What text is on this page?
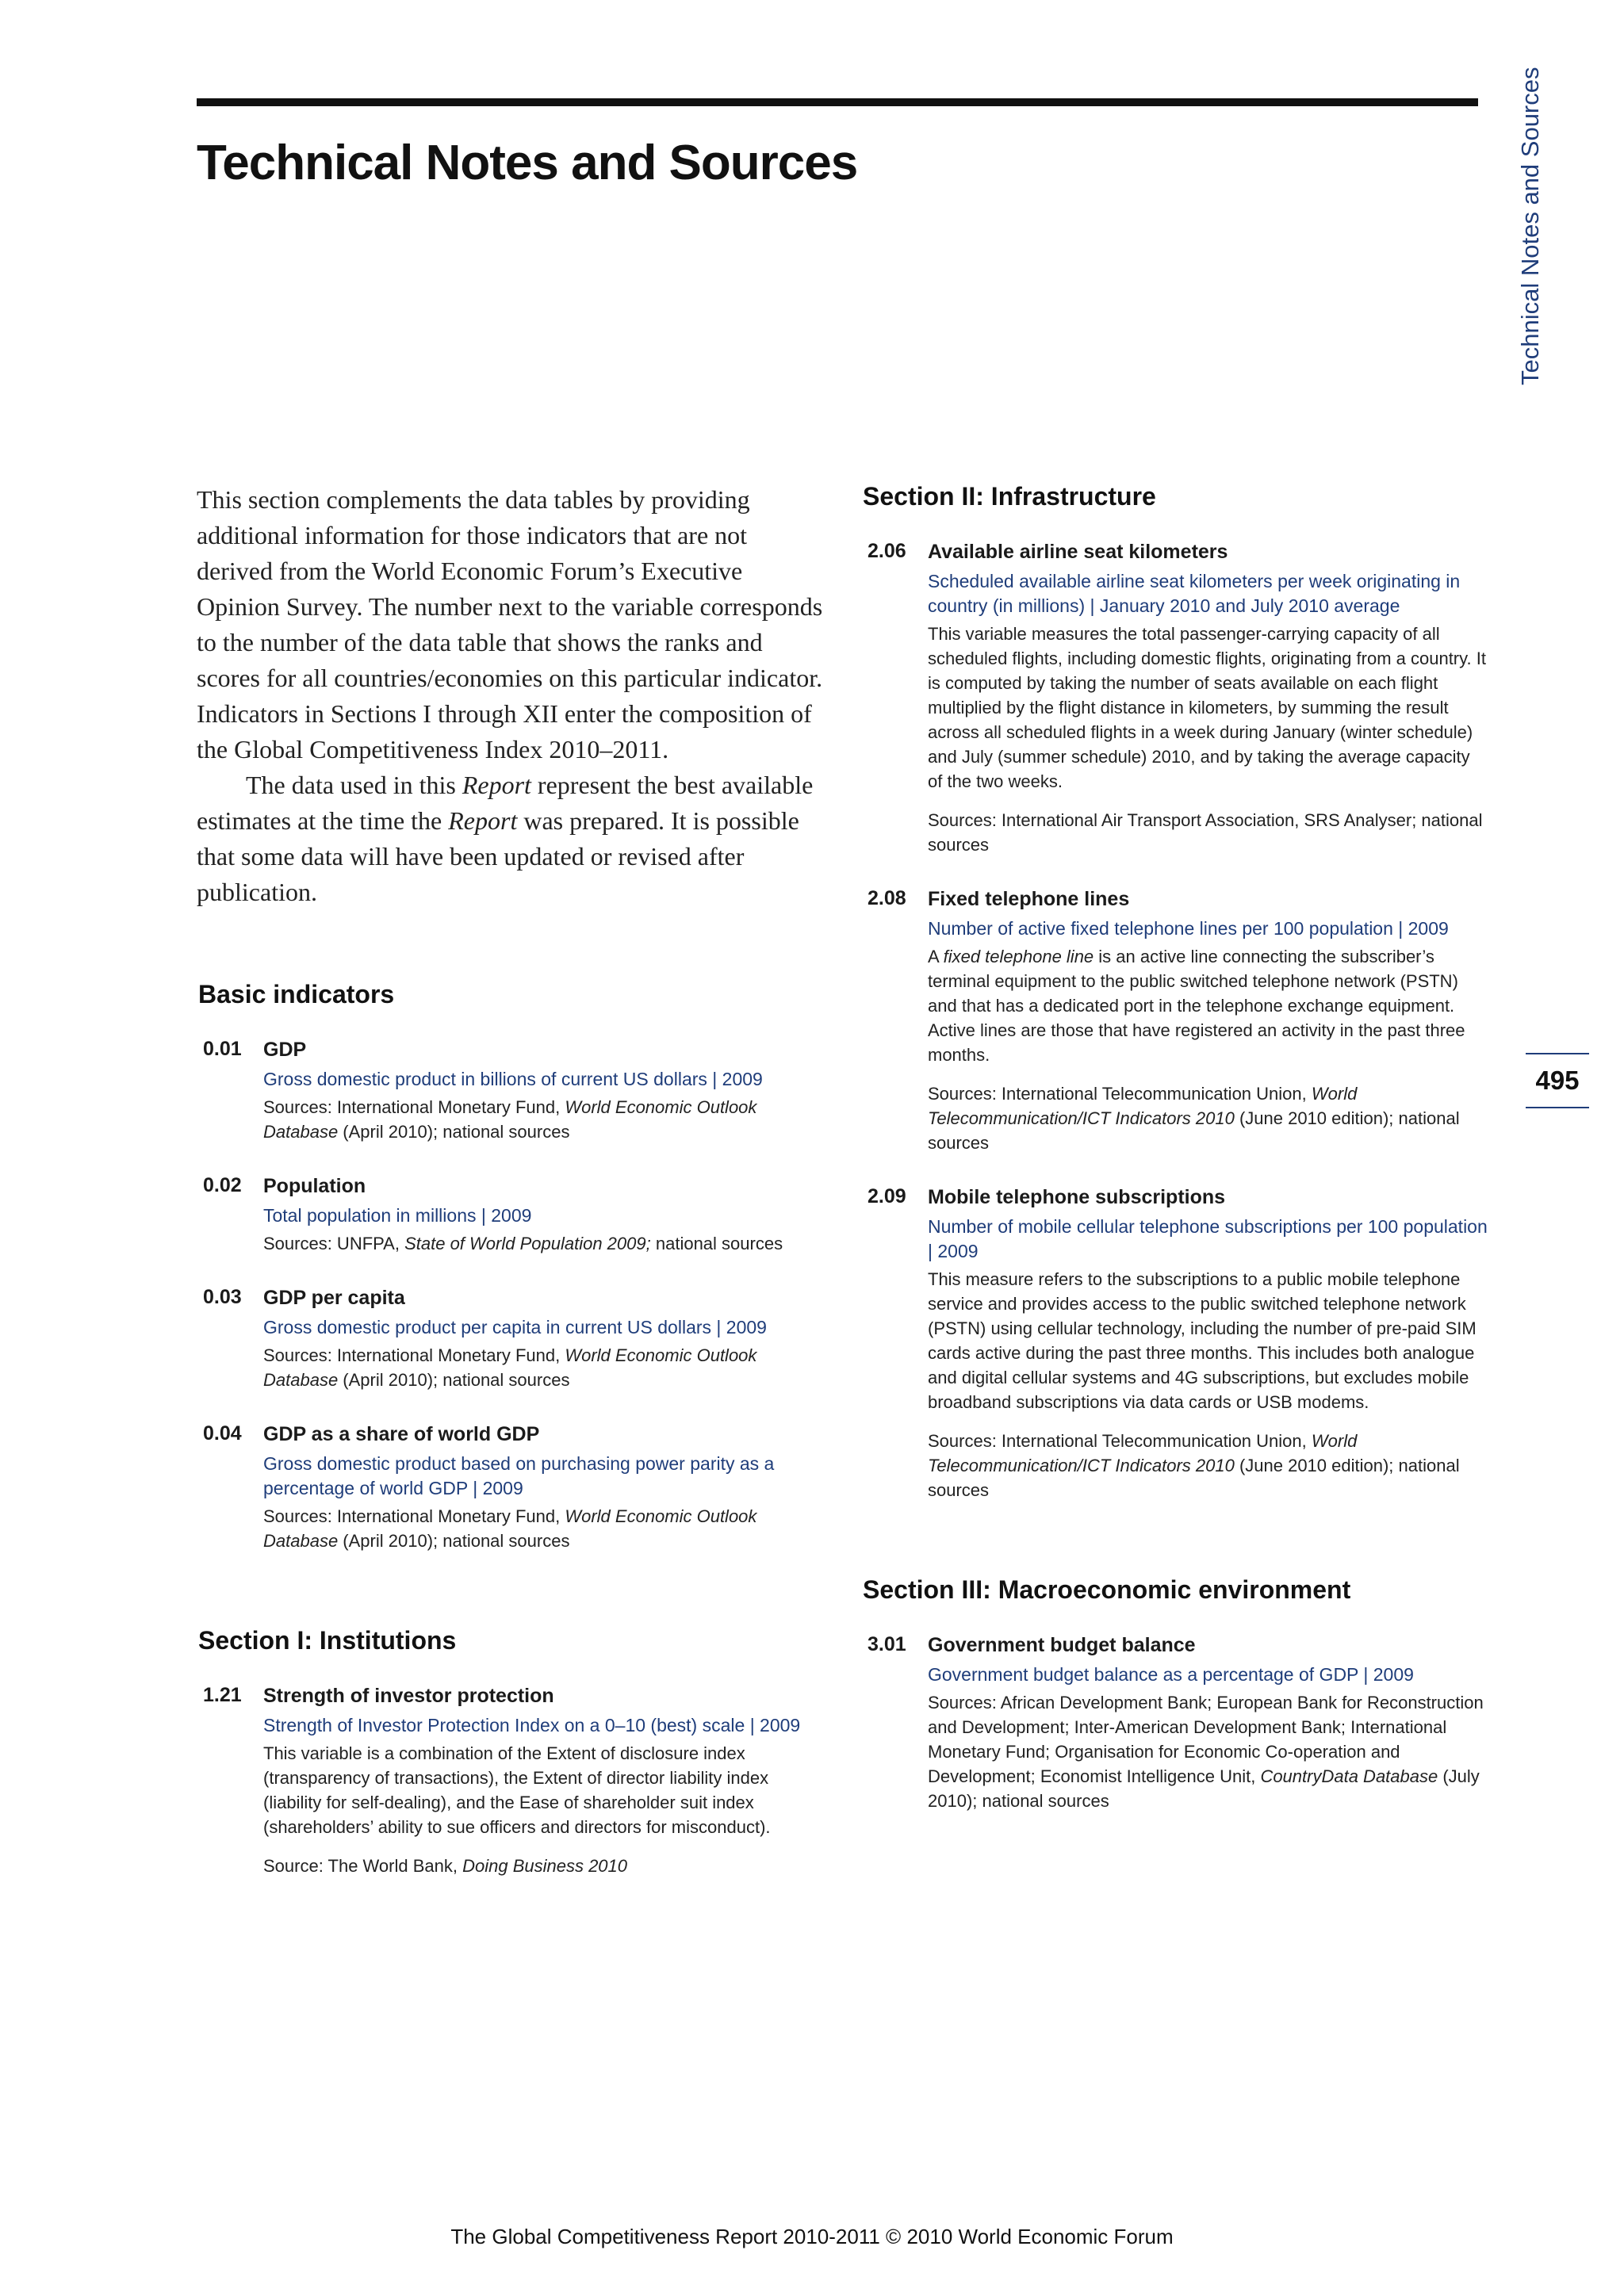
Technical Notes and Sources	Technical Notes and Sources
495

This section complements the data tables by providing additional information for those indicators that are not derived from the World Economic Forum’s Executive Opinion Survey. The number next to the variable corresponds to the number of the data table that shows the ranks and scores for all countries/economies on this particular indicator. Indicators in Sections I through XII enter the composition of the Global Competitiveness Index 2010–2011.

The data used in this Report represent the best available estimates at the time the Report was prepared. It is possible that some data will have been updated or revised after publication.

Basic indicators
0.01	GDP
Gross domestic product in billions of current US dollars | 2009
Sources: International Monetary Fund, World Economic Outlook Database (April 2010); national sources
0.02	Population
Total population in millions | 2009
Sources: UNFPA, State of World Population 2009; national sources
0.03	GDP per capita
Gross domestic product per capita in current US dollars | 2009
Sources: International Monetary Fund, World Economic Outlook Database (April 2010); national sources
0.04	GDP as a share of world GDP
Gross domestic product based on purchasing power parity as a percentage of world GDP | 2009
Sources: International Monetary Fund, World Economic Outlook Database (April 2010); national sources
Section I: Institutions
1.21	Strength of investor protection
Strength of Investor Protection Index on a 0–10 (best) scale | 2009
This variable is a combination of the Extent of disclosure index (transparency of transactions), the Extent of director liability index (liability for self-dealing), and the Ease of shareholder suit index (shareholders’ ability to sue officers and directors for misconduct).
Source: The World Bank, Doing Business 2010
Section II: Infrastructure
2.06	Available airline seat kilometers
Scheduled available airline seat kilometers per week originating in country (in millions) | January 2010 and July 2010 average
This variable measures the total passenger-carrying capacity of all scheduled flights, including domestic flights, originating from a country. It is computed by taking the number of seats available on each flight multiplied by the flight distance in kilometers, by summing the result across all scheduled flights in a week during January (winter schedule) and July (summer schedule) 2010, and by taking the average capacity of the two weeks.
Sources: International Air Transport Association, SRS Analyser; national sources
2.08	Fixed telephone lines
Number of active fixed telephone lines per 100 population | 2009
A fixed telephone line is an active line connecting the subscriber’s terminal equipment to the public switched telephone network (PSTN) and that has a dedicated port in the telephone exchange equipment. Active lines are those that have registered an activity in the past three months.
Sources: International Telecommunication Union, World Telecommunication/ICT Indicators 2010 (June 2010 edition); national sources
2.09	Mobile telephone subscriptions
Number of mobile cellular telephone subscriptions per 100 population | 2009
This measure refers to the subscriptions to a public mobile telephone service and provides access to the public switched telephone network (PSTN) using cellular technology, including the number of pre-paid SIM cards active during the past three months. This includes both analogue and digital cellular systems and 4G subscriptions, but excludes mobile broadband subscriptions via data cards or USB modems.
Sources: International Telecommunication Union, World Telecommunication/ICT Indicators 2010 (June 2010 edition); national sources
Section III: Macroeconomic environment
3.01	Government budget balance
Government budget balance as a percentage of GDP | 2009
Sources: African Development Bank; European Bank for Reconstruction and Development; Inter-American Development Bank; International Monetary Fund; Organisation for Economic Co-operation and Development; Economist Intelligence Unit, CountryData Database (July 2010); national sources
The Global Competitiveness Report 2010-2011 © 2010 World Economic Forum
